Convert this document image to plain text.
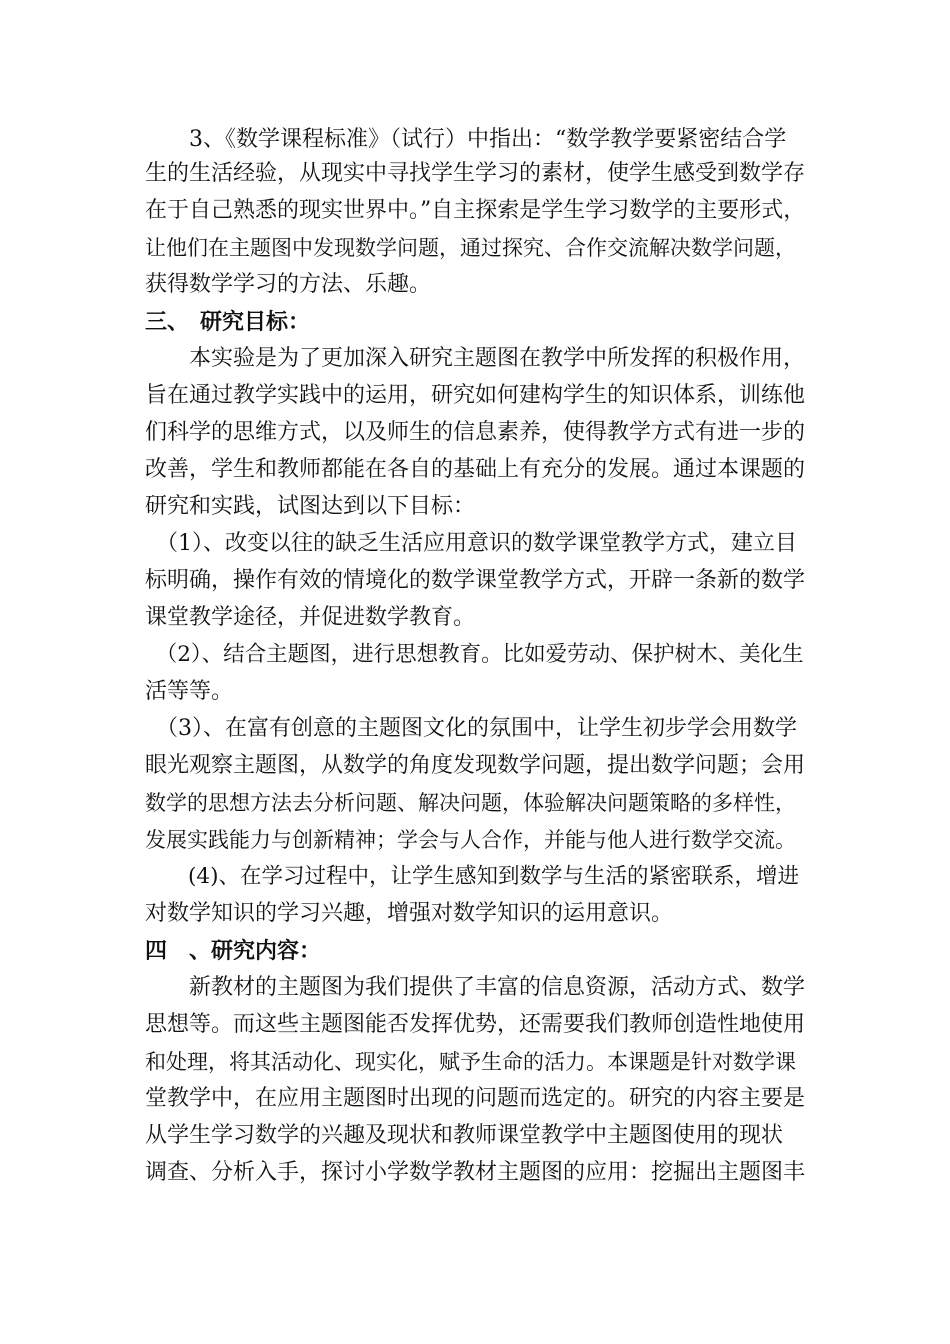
　　3、《数学课程标准》（试行）中指出：“数学教学要紧密结合学
生的生活经验，从现实中寻找学生学习的素材，使学生感受到数学存
在于自己熟悉的现实世界中。”自主探索是学生学习数学的主要形式，
让他们在主题图中发现数学问题，通过探究、合作交流解决数学问题，
获得数学学习的方法、乐趣。
三、　研究目标：
　　本实验是为了更加深入研究主题图在教学中所发挥的积极作用，
旨在通过教学实践中的运用，研究如何建构学生的知识体系，训练他
们科学的思维方式，以及师生的信息素养，使得教学方式有进一步的
改善，学生和教师都能在各自的基础上有充分的发展。通过本课题的
研究和实践，试图达到以下目标：
　（1）、改变以往的缺乏生活应用意识的数学课堂教学方式，建立目
标明确，操作有效的情境化的数学课堂教学方式，开辟一条新的数学
课堂教学途径，并促进数学教育。
　（2）、结合主题图，进行思想教育。比如爱劳动、保护树木、美化生
活等等。
　（3）、在富有创意的主题图文化的氛围中，让学生初步学会用数学
眼光观察主题图，从数学的角度发现数学问题，提出数学问题；会用
数学的思想方法去分析问题、解决问题，体验解决问题策略的多样性，
发展实践能力与创新精神；学会与人合作，并能与他人进行数学交流。
　　(4)、在学习过程中，让学生感知到数学与生活的紧密联系，增进
对数学知识的学习兴趣，增强对数学知识的运用意识。
四　、研究内容：
　　新教材的主题图为我们提供了丰富的信息资源，活动方式、数学
思想等。而这些主题图能否发挥优势，还需要我们教师创造性地使用
和处理，将其活动化、现实化，赋予生命的活力。本课题是针对数学课
堂教学中，在应用主题图时出现的问题而选定的。研究的内容主要是
从学生学习数学的兴趣及现状和教师课堂教学中主题图使用的现状
调查、分析入手，探讨小学数学教材主题图的应用：挖掘出主题图丰
